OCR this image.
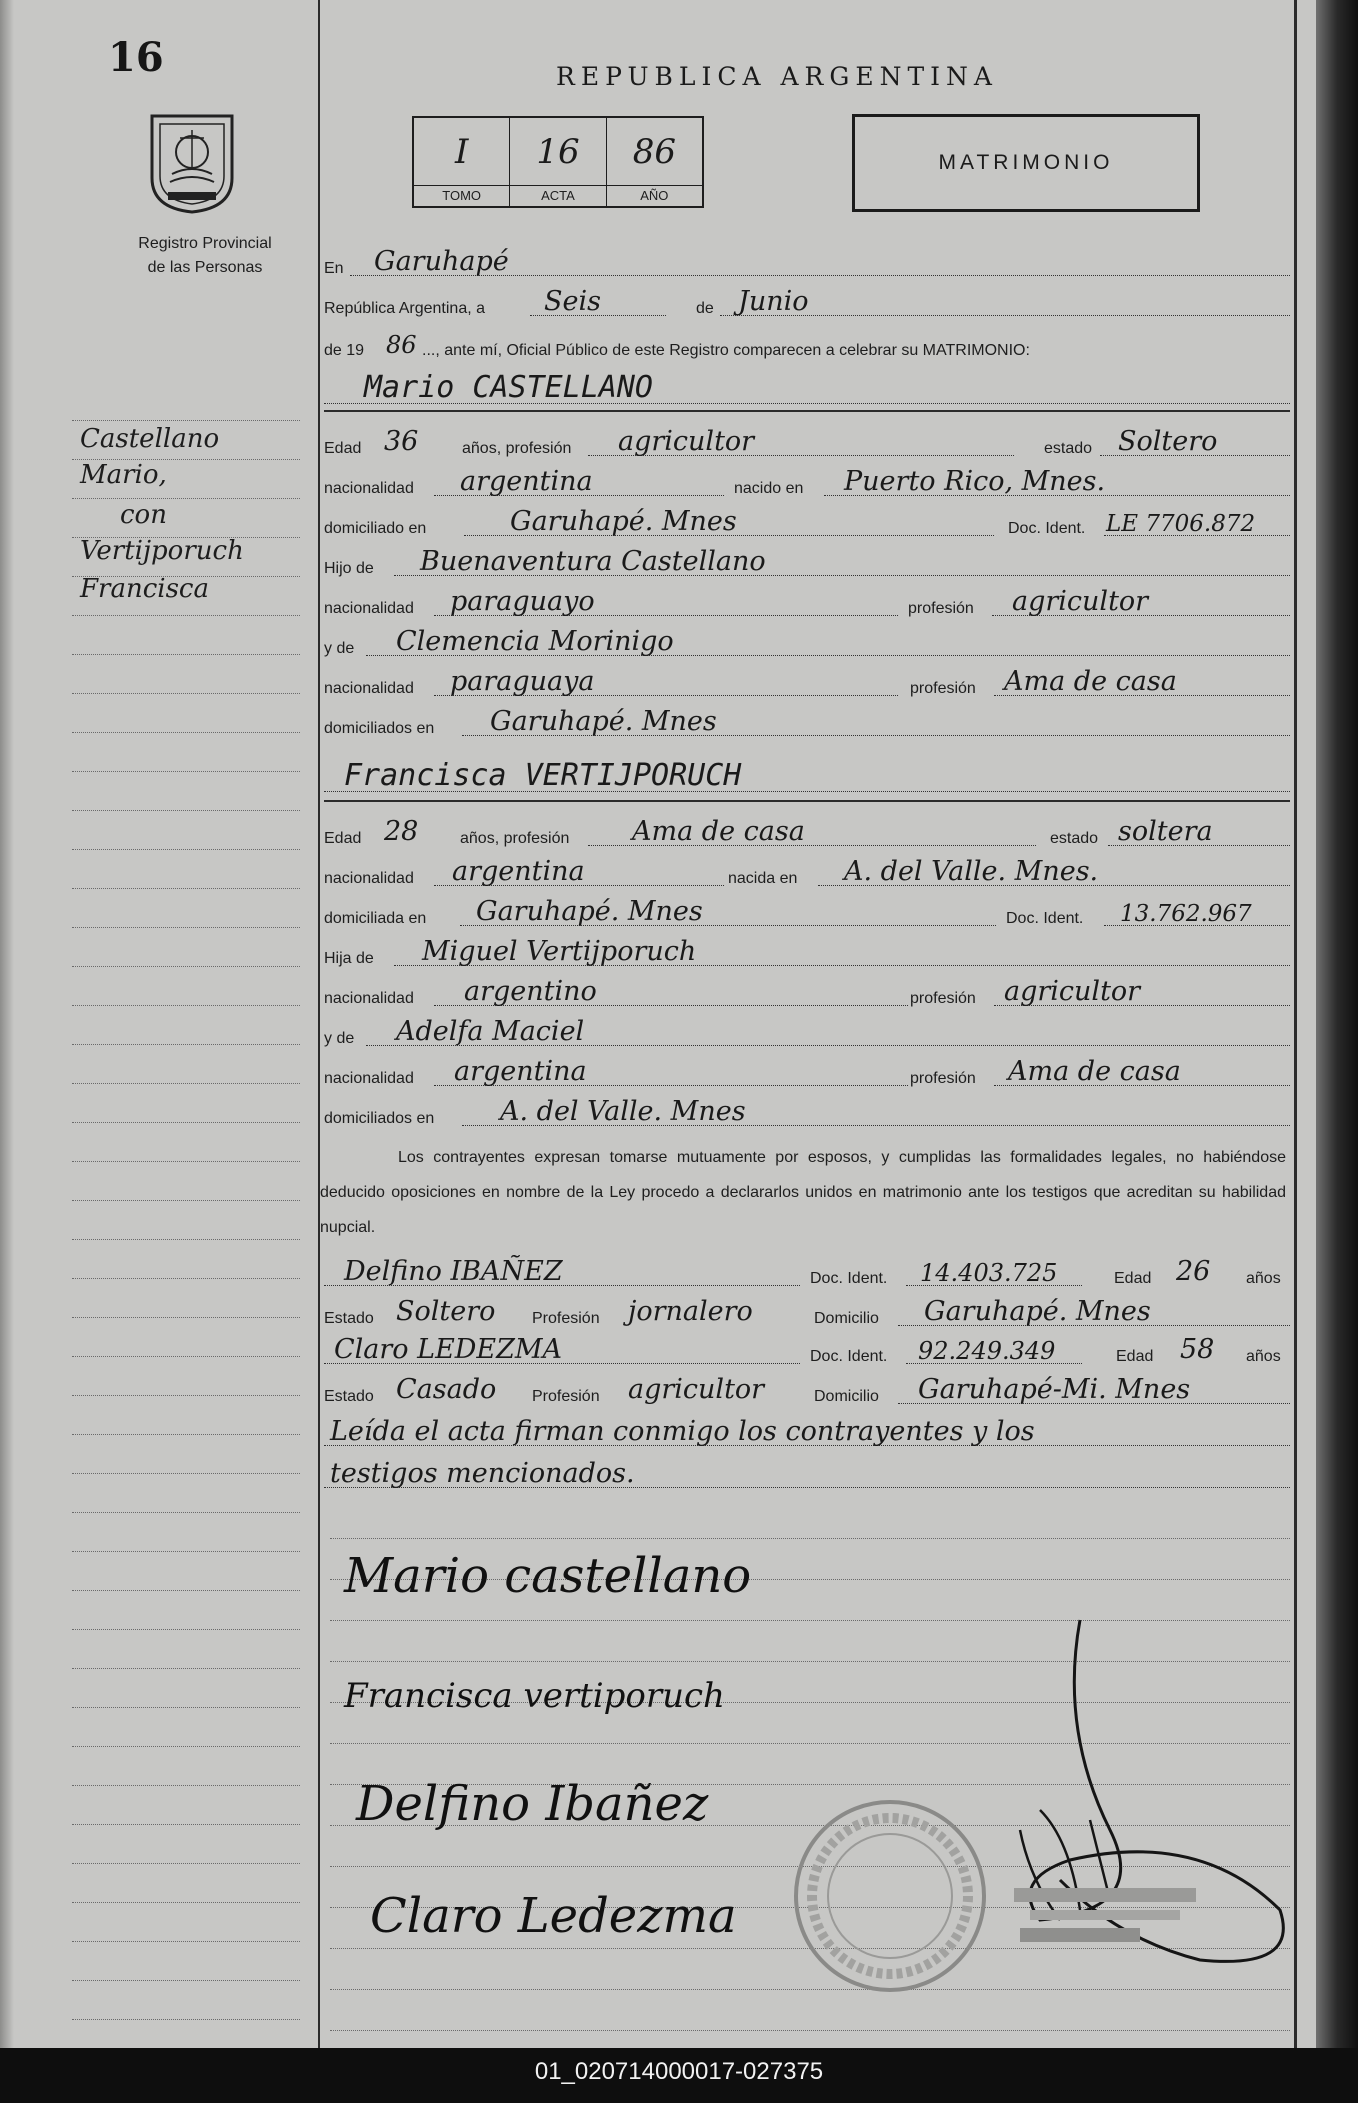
16
Registro Provincial
de las Personas
REPUBLICA ARGENTINA
I
TOMO
16
ACTA
86
AÑO
MATRIMONIO
Castellano
Mario,
con
Vertijporuch
Francisca
En Garuhapé
República Argentina, a Seis	de Junio
de 19 86 ..., ante mí, Oficial Público de este Registro comparecen a celebrar su MATRIMONIO:
Mario CASTELLANO
Edad 36	años, profesión agricultor	estado Soltero
nacionalidad argentina	nacido en Puerto Rico, Mnes.
domiciliado en	Garuhapé. Mnes	Doc. Ident. LE 7706.872
Hijo de Buenaventura Castellano
nacionalidad paraguayo	profesión agricultor
y de Clemencia Morinigo
nacionalidad paraguaya	profesión Ama de casa
domiciliados en Garuhapé. Mnes
Francisca VERTIJPORUCH
Edad 28	años, profesión Ama de casa	estado soltera
nacionalidad argentina	nacida en A. del Valle. Mnes.
domiciliada en Garuhapé. Mnes	Doc. Ident. 13.762.967
Hija de Miguel Vertijporuch
nacionalidad argentino	profesión agricultor
y de Adelfa Maciel
nacionalidad argentina	profesión Ama de casa
domiciliados en A. del Valle. Mnes
Los contrayentes expresan tomarse mutuamente por esposos, y cumplidas las formalidades legales, no habiéndose deducido oposiciones en nombre de la Ley procedo a declararlos unidos en matrimonio ante los testigos que acreditan su habilidad nupcial.
Delfino IBAÑEZ	Doc. Ident. 14.403.725	Edad 26 años
Estado Soltero Profesión jornalero	Domicilio Garuhapé. Mnes
Claro LEDEZMA	Doc. Ident. 92.249.349	Edad 58 años
Estado Casado Profesión agricultor	Domicilio Garuhapé-Mi. Mnes
Leída el acta firman conmigo los contrayentes y los
testigos mencionados.
Mario castellano
Francisca vertiporuch
Delfino Ibañez
Claro Ledezma
01_020714000017-027375
